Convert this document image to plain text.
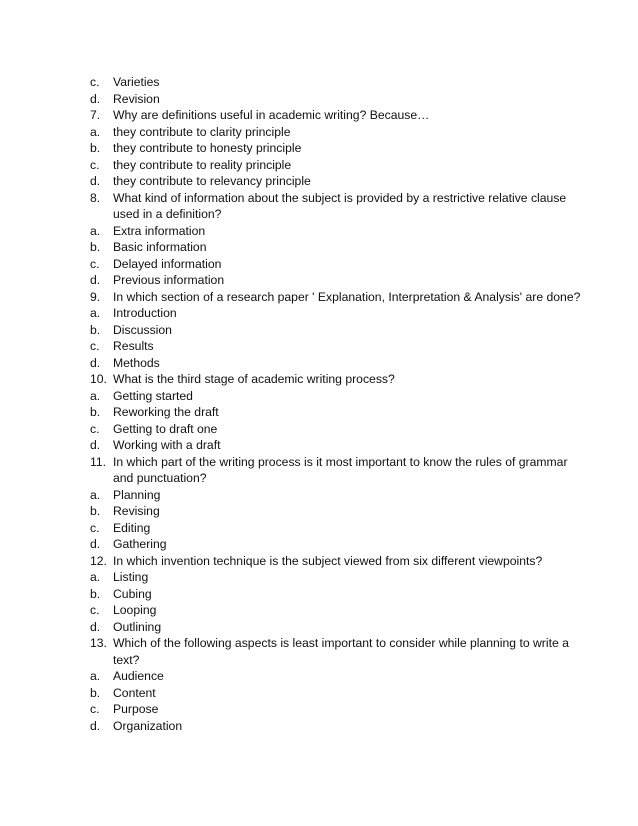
c.	Varieties
d.	Revision
7.	Why are definitions useful in academic writing? Because…
a.	they contribute to clarity principle
b.	they contribute to honesty principle
c.	they contribute to reality principle
d.	they contribute to relevancy principle
8.	What kind of information about the subject is provided by a restrictive relative clause
used in a definition?
a.	Extra information
b.	Basic information
c.	Delayed information
d.	Previous information
9.	In which section of a research paper ' Explanation, Interpretation & Analysis' are done?
a.	Introduction
b.	Discussion
c.	Results
d.	Methods
10. What is the third stage of academic writing process?
a.	Getting started
b.	Reworking the draft
c.	Getting to draft one
d.	Working with a draft
11. In which part of the writing process is it most important to know the rules of grammar
and punctuation?
a.	Planning
b.	Revising
c.	Editing
d.	Gathering
12. In which invention technique is the subject viewed from six different viewpoints?
a.	Listing
b.	Cubing
c.	Looping
d.	Outlining
13. Which of the following aspects is least important to consider while planning to write a
text?
a.	Audience
b.	Content
c.	Purpose
d.	Organization
